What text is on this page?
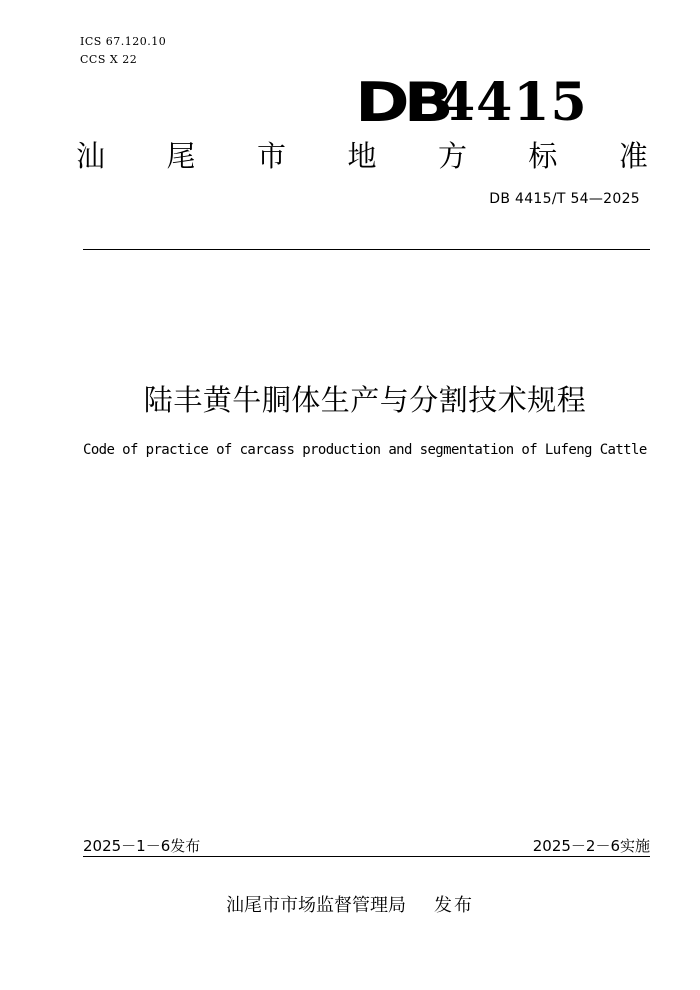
ICS 67.120.10
CCS X 22
DB
4415
汕 尾 市 地 方 标 准
DB 4415/T 54—2025
陆丰黄牛胴体生产与分割技术规程
Code of practice of carcass production and segmentation of Lufeng Cattle
2025－1－6发布	2025－2－6实施
汕尾市市场监督管理局 发布
